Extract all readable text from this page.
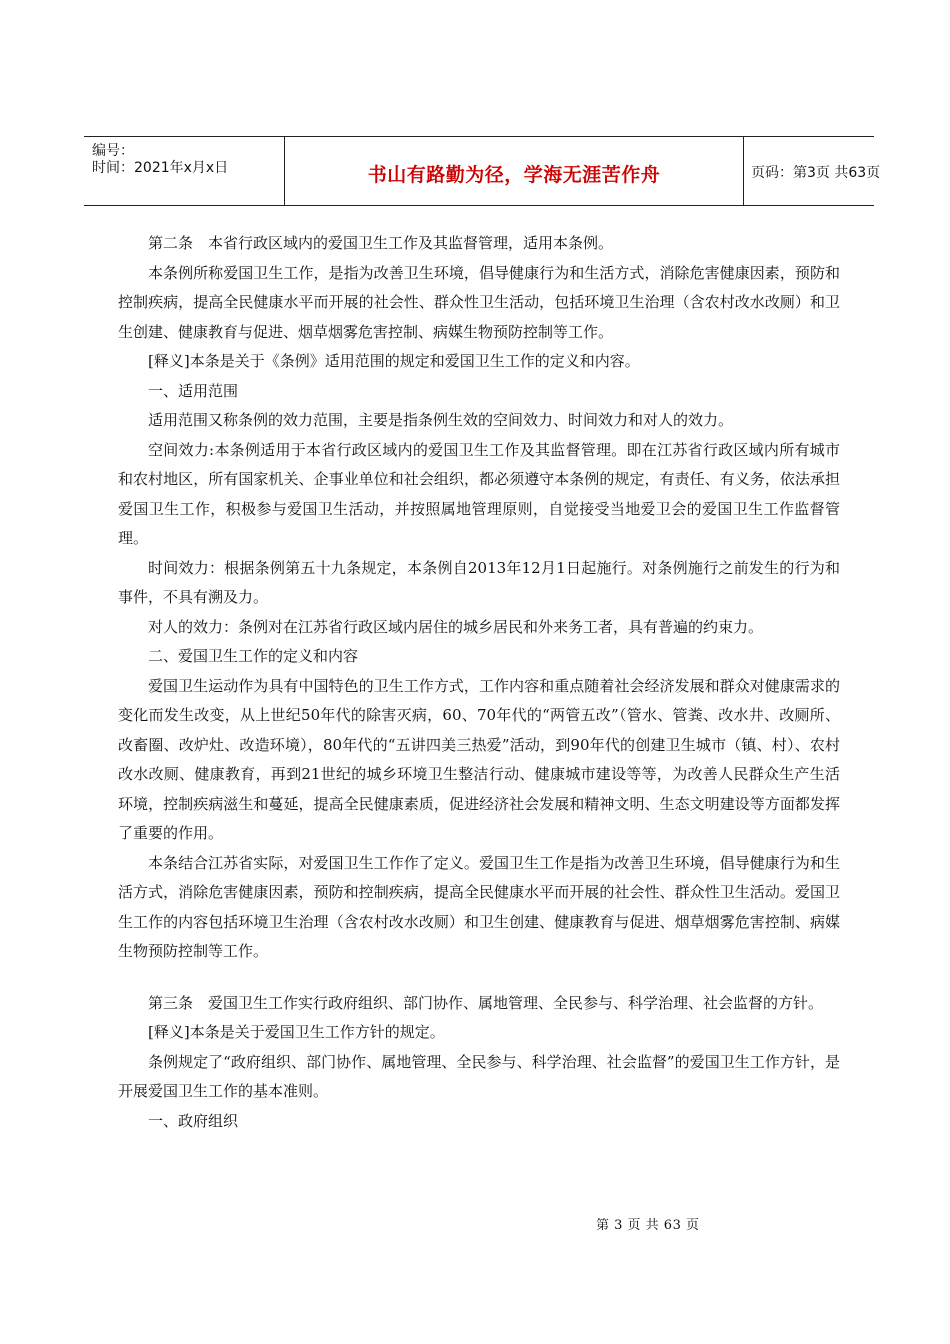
编号：
时间：2021年x月x日	书山有路勤为径，学海无涯苦作舟	页码：第3页 共63页

第二条　本省行政区域内的爱国卫生工作及其监督管理，适用本条例。

本条例所称爱国卫生工作，是指为改善卫生环境，倡导健康行为和生活方式，消除危害健康因素，预防和控制疾病，提高全民健康水平而开展的社会性、群众性卫生活动，包括环境卫生治理（含农村改水改厕）和卫生创建、健康教育与促进、烟草烟雾危害控制、病媒生物预防控制等工作。

[释义]本条是关于《条例》适用范围的规定和爱国卫生工作的定义和内容。

一、适用范围

适用范围又称条例的效力范围，主要是指条例生效的空间效力、时间效力和对人的效力。

空间效力:本条例适用于本省行政区域内的爱国卫生工作及其监督管理。即在江苏省行政区域内所有城市和农村地区，所有国家机关、企事业单位和社会组织，都必须遵守本条例的规定，有责任、有义务，依法承担爱国卫生工作，积极参与爱国卫生活动，并按照属地管理原则，自觉接受当地爱卫会的爱国卫生工作监督管理。

时间效力：根据条例第五十九条规定，本条例自2013年12月1日起施行。对条例施行之前发生的行为和事件，不具有溯及力。

对人的效力：条例对在江苏省行政区域内居住的城乡居民和外来务工者，具有普遍的约束力。

二、爱国卫生工作的定义和内容

爱国卫生运动作为具有中国特色的卫生工作方式，工作内容和重点随着社会经济发展和群众对健康需求的变化而发生改变，从上世纪50年代的除害灭病，60、70年代的“两管五改”（管水、管粪、改水井、改厕所、改畜圈、改炉灶、改造环境），80年代的“五讲四美三热爱”活动，到90年代的创建卫生城市（镇、村）、农村改水改厕、健康教育，再到21世纪的城乡环境卫生整洁行动、健康城市建设等等，为改善人民群众生产生活环境，控制疾病滋生和蔓延，提高全民健康素质，促进经济社会发展和精神文明、生态文明建设等方面都发挥了重要的作用。

本条结合江苏省实际，对爱国卫生工作作了定义。爱国卫生工作是指为改善卫生环境，倡导健康行为和生活方式，消除危害健康因素，预防和控制疾病，提高全民健康水平而开展的社会性、群众性卫生活动。爱国卫生工作的内容包括环境卫生治理（含农村改水改厕）和卫生创建、健康教育与促进、烟草烟雾危害控制、病媒生物预防控制等工作。

第三条　爱国卫生工作实行政府组织、部门协作、属地管理、全民参与、科学治理、社会监督的方针。

[释义]本条是关于爱国卫生工作方针的规定。

条例规定了“政府组织、部门协作、属地管理、全民参与、科学治理、社会监督”的爱国卫生工作方针，是开展爱国卫生工作的基本准则。

一、政府组织

第 3 页 共 63 页
